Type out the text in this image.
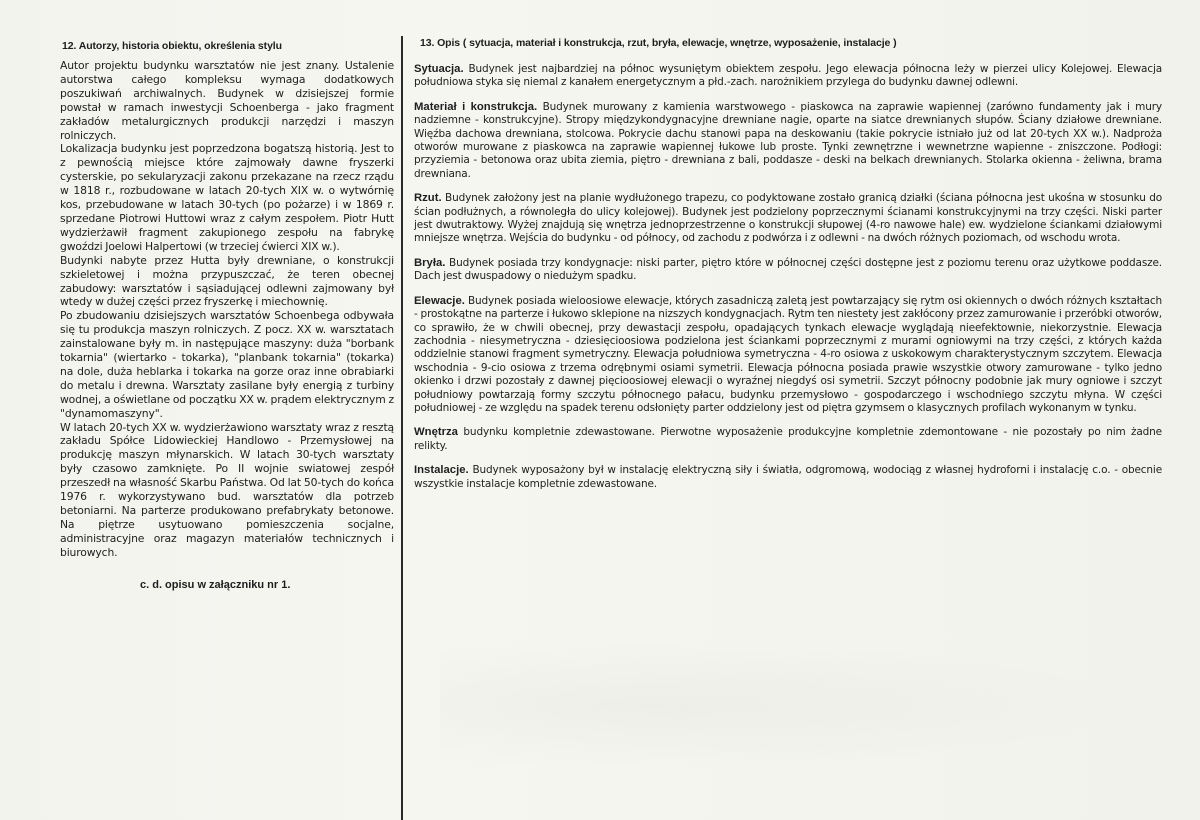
12. Autorzy, historia obiektu, określenia stylu
Autor projektu budynku warsztatów nie jest znany. Ustalenie autorstwa całego kompleksu wymaga dodatkowych poszukiwań archiwalnych. Budynek w dzisiejszej formie powstał w ramach inwestycji Schoenberga - jako fragment zakładów metalurgicznych produkcji narzędzi i maszyn rolniczych.
Lokalizacja budynku jest poprzedzona bogatszą historią. Jest to z pewnością miejsce które zajmowały dawne fryszerki cysterskie, po sekularyzacji zakonu przekazane na rzecz rządu w 1818 r., rozbudowane w latach 20-tych XIX w. o wytwórnię kos, przebudowane w latach 30-tych (po pożarze) i w 1869 r. sprzedane Piotrowi Huttowi wraz z całym zespołem. Piotr Hutt wydzierżawił fragment zakupionego zespołu na fabrykę gwoździ Joelowi Halpertowi (w trzeciej ćwierci XIX w.).
Budynki nabyte przez Hutta były drewniane, o konstrukcji szkieletowej i można przypuszczać, że teren obecnej zabudowy: warsztatów i sąsiadującej odlewni zajmowany był wtedy w dużej części przez fryszerkę i miechownię.
Po zbudowaniu dzisiejszych warsztatów Schoenbega odbywała się tu produkcja maszyn rolniczych. Z pocz. XX w. warsztatach zainstalowane były m. in następujące maszyny: duża "borbank tokarnia" (wiertarko - tokarka), "planbank tokarnia" (tokarka) na dole, duża heblarka i tokarka na gorze oraz inne obrabiarki do metalu i drewna. Warsztaty zasilane były energią z turbiny wodnej, a oświetlane od początku XX w. prądem elektrycznym z "dynamomaszyny".
W latach 20-tych XX w. wydzierżawiono warsztaty wraz z resztą zakładu Spółce Lidowieckiej Handlowo - Przemysłowej na produkcję maszyn młynarskich. W latach 30-tych warsztaty były czasowo zamknięte. Po II wojnie swiatowej zespół przeszedł na własność Skarbu Państwa. Od lat 50-tych do końca 1976 r. wykorzystywano bud. warsztatów dla potrzeb betoniarni. Na parterze produkowano prefabrykaty betonowe. Na piętrze usytuowano pomieszczenia socjalne, administracyjne oraz magazyn materiałów technicznych i biurowych.
c. d. opisu w załączniku nr 1.
13. Opis ( sytuacja, materiał i konstrukcja, rzut, bryła, elewacje, wnętrze, wyposażenie, instalacje )
Sytuacja. Budynek jest najbardziej na północ wysuniętym obiektem zespołu. Jego elewacja północna leży w pierzei ulicy Kolejowej. Elewacja południowa styka się niemal z kanałem energetycznym a płd.-zach. narożnikiem przylega do budynku dawnej odlewni.
Materiał i konstrukcja. Budynek murowany z kamienia warstwowego - piaskowca na zaprawie wapiennej (zarówno fundamenty jak i mury nadziemne - konstrukcyjne). Stropy międzykondygnacyjne drewniane nagie, oparte na siatce drewnianych słupów. Ściany działowe drewniane. Więźba dachowa drewniana, stolcowa. Pokrycie dachu stanowi papa na deskowaniu (takie pokrycie istniało już od lat 20-tych XX w.). Nadproża otworów murowane z piaskowca na zaprawie wapiennej łukowe lub proste. Tynki zewnętrzne i wewnetrzne wapienne - zniszczone. Podłogi: przyziemia - betonowa oraz ubita ziemia, piętro - drewniana z bali, poddasze - deski na belkach drewnianych. Stolarka okienna - żeliwna, brama drewniana.
Rzut. Budynek założony jest na planie wydłużonego trapezu, co podyktowane zostało granicą działki (ściana północna jest ukośna w stosunku do ścian podłużnych, a równoległa do ulicy kolejowej). Budynek jest podzielony poprzecznymi ścianami konstrukcyjnymi na trzy części. Niski parter jest dwutraktowy. Wyżej znajdują się wnętrza jednoprzestrzenne o konstrukcji słupowej (4-ro nawowe hale) ew. wydzielone ściankami działowymi mniejsze wnętrza. Wejścia do budynku - od północy, od zachodu z podwórza i z odlewni - na dwóch różnych poziomach, od wschodu wrota.
Bryła. Budynek posiada trzy kondygnacje: niski parter, piętro które w północnej części dostępne jest z poziomu terenu oraz użytkowe poddasze. Dach jest dwuspadowy o niedużym spadku.
Elewacje. Budynek posiada wieloosiowe elewacje, których zasadniczą zaletą jest powtarzający się rytm osi okiennych o dwóch różnych kształtach - prostokątne na parterze i łukowo sklepione na nizszych kondygnacjach. Rytm ten niestety jest zakłócony przez zamurowanie i przeróbki otworów, co sprawiło, że w chwili obecnej, przy dewastacji zespołu, opadających tynkach elewacje wyglądają nieefektownie, niekorzystnie. Elewacja zachodnia - niesymetryczna - dziesięcioosiowa podzielona jest ściankami poprzecznymi z murami ogniowymi na trzy części, z których każda oddzielnie stanowi fragment symetryczny. Elewacja południowa symetryczna - 4-ro osiowa z uskokowym charakterystycznym szczytem. Elewacja wschodnia - 9-cio osiowa z trzema odrębnymi osiami symetrii. Elewacja północna posiada prawie wszystkie otwory zamurowane - tylko jedno okienko i drzwi pozostały z dawnej pięcioosiowej elewacji o wyraźnej niegdyś osi symetrii. Szczyt północny podobnie jak mury ogniowe i szczyt południowy powtarzają formy szczytu północnego pałacu, budynku przemysłowo - gospodarczego i wschodniego szczytu młyna. W części południowej - ze względu na spadek terenu odsłonięty parter oddzielony jest od piętra gzymsem o klasycznych profilach wykonanym w tynku.
Wnętrza budynku kompletnie zdewastowane. Pierwotne wyposażenie produkcyjne kompletnie zdemontowane - nie pozostały po nim żadne relikty.
Instalacje. Budynek wyposażony był w instalację elektryczną siły i światła, odgromową, wodociąg z własnej hydroforni i instalację c.o. - obecnie wszystkie instalacje kompletnie zdewastowane.
